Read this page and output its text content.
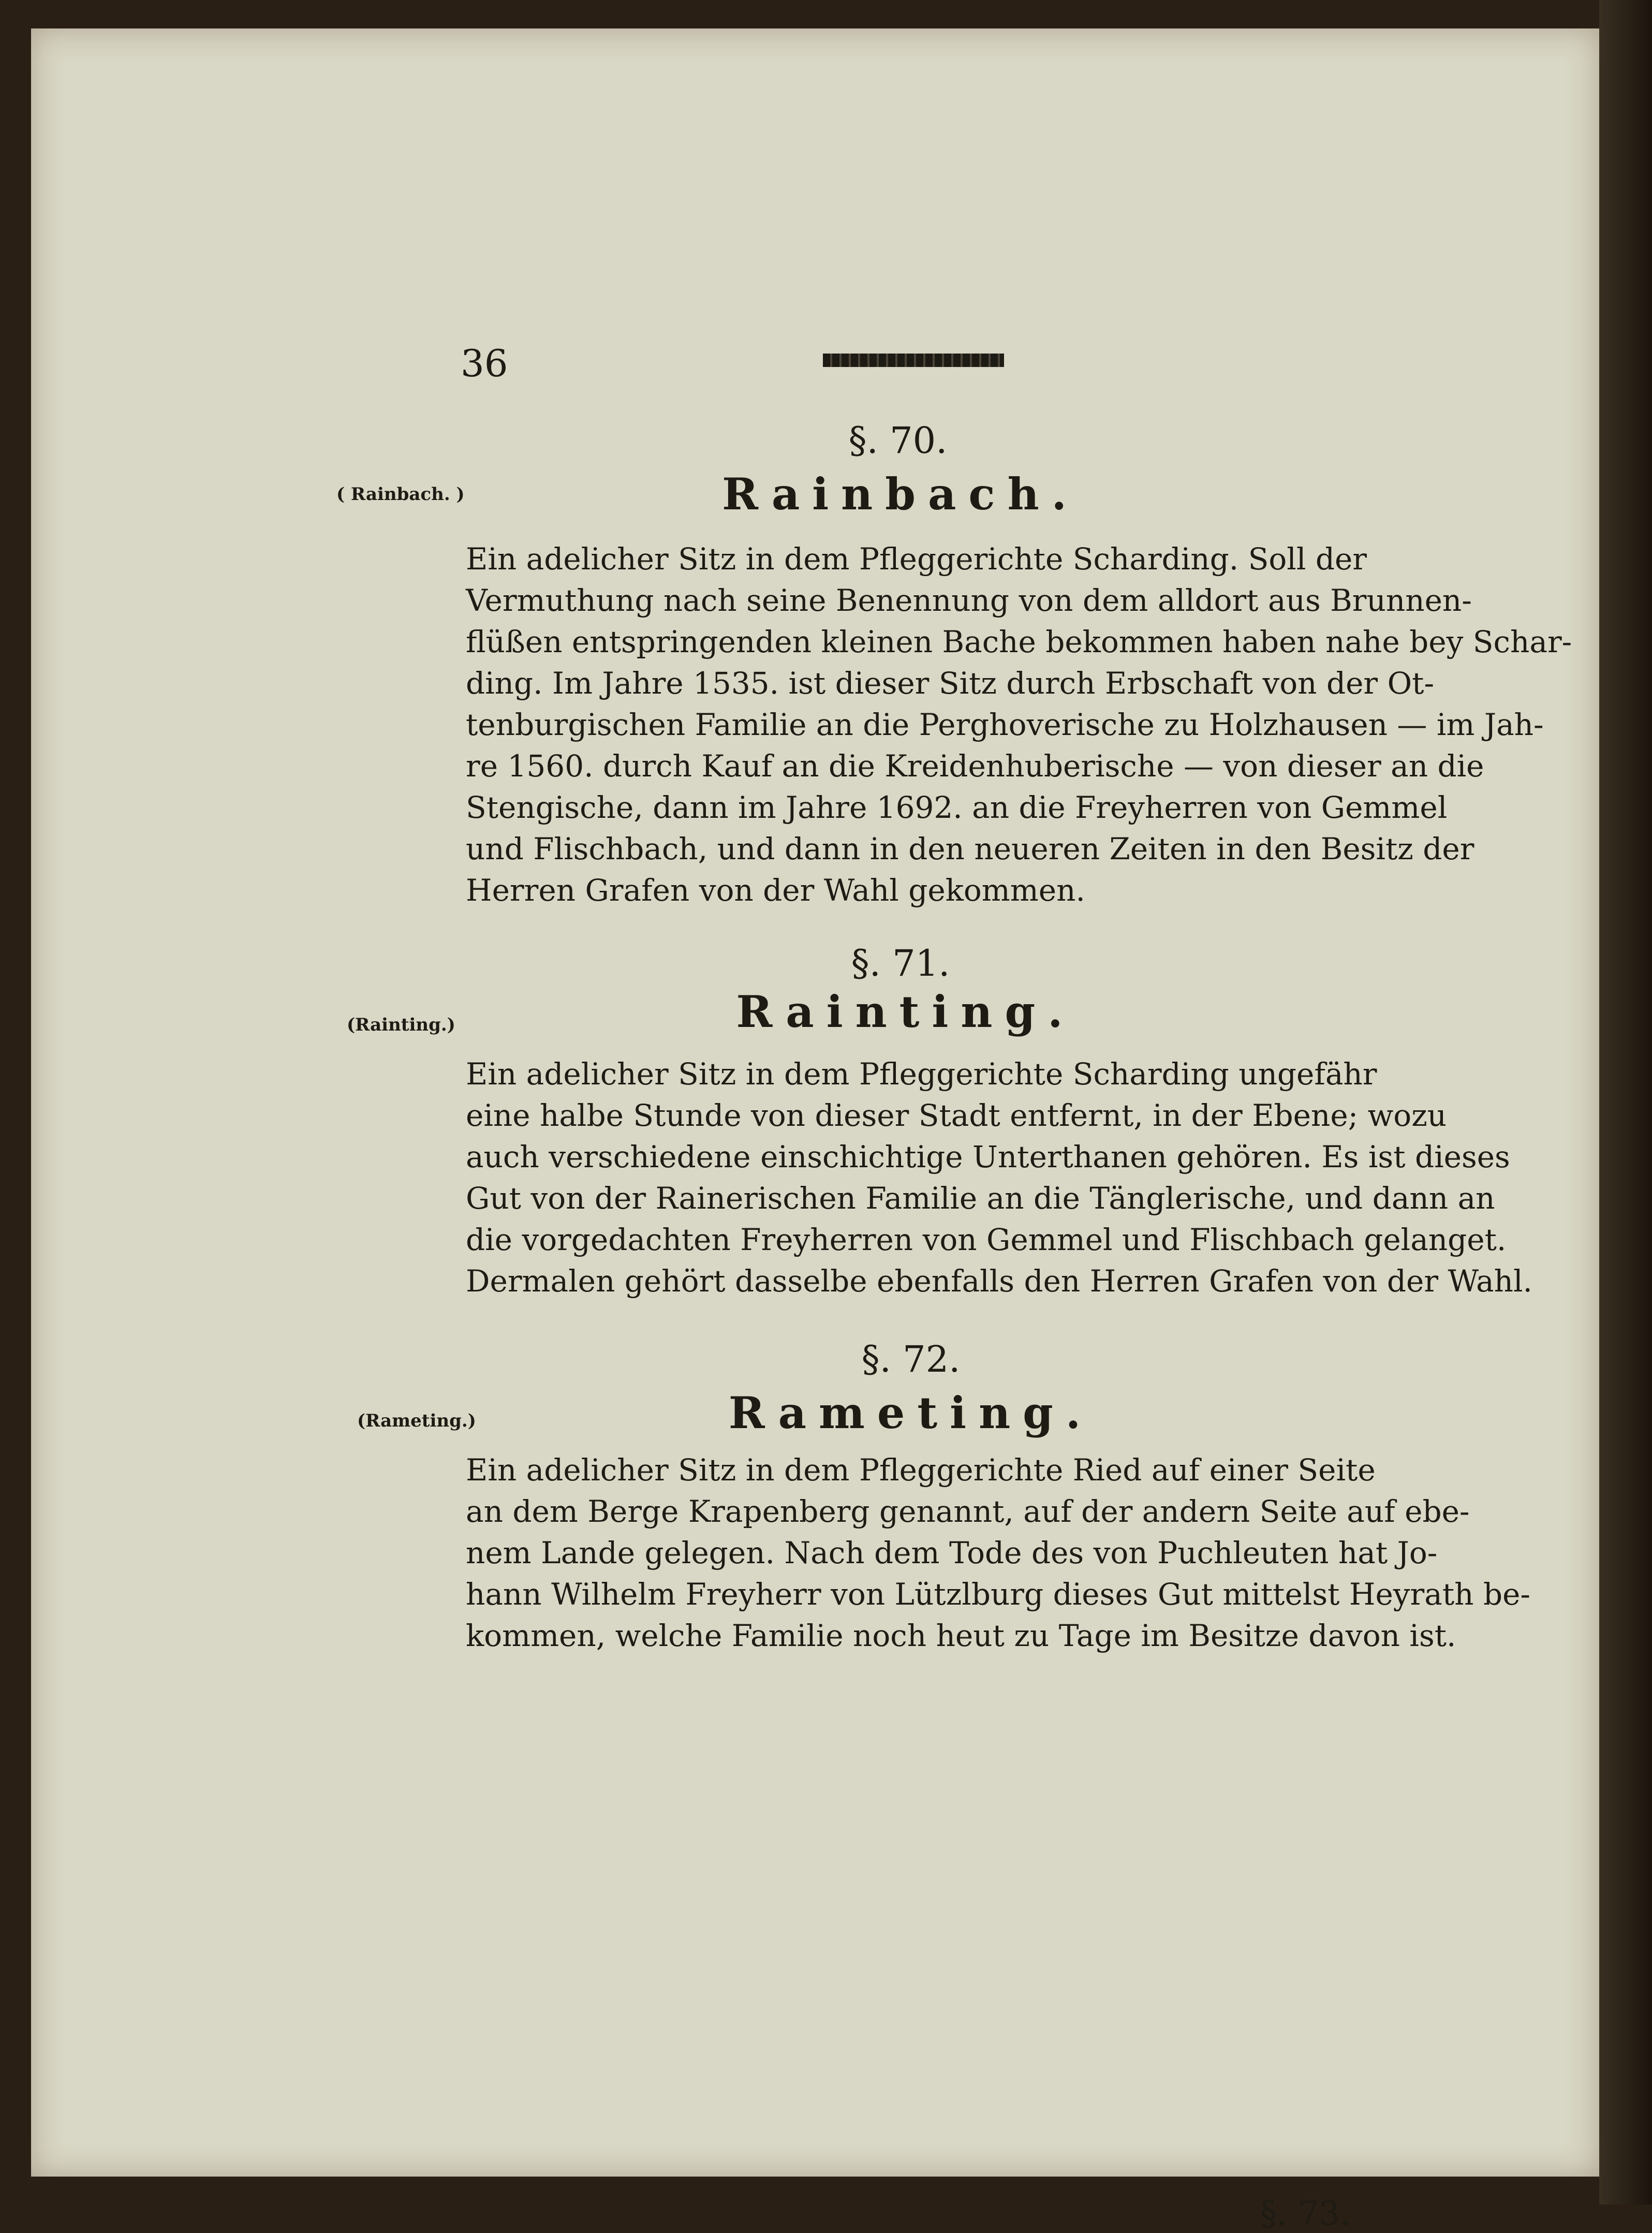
36
( Rainbach. )
§. 70.
Rainbach.
Ein adelicher Sitz in dem Pfleggerichte Scharding. Soll der
Vermuthung nach seine Benennung von dem alldort aus Brunnen-
flüßen entspringenden kleinen Bache bekommen haben nahe bey Schar-
ding. Im Jahre 1535. ist dieser Sitz durch Erbschaft von der Ot-
tenburgischen Familie an die Perghoverische zu Holzhausen — im Jah-
re 1560. durch Kauf an die Kreidenhuberische — von dieser an die
Stengische, dann im Jahre 1692. an die Freyherren von Gemmel
und Flischbach, und dann in den neueren Zeiten in den Besitz der
Herren Grafen von der Wahl gekommen.
(Rainting.)
§. 71.
Rainting.
Ein adelicher Sitz in dem Pfleggerichte Scharding ungefähr
eine halbe Stunde von dieser Stadt entfernt, in der Ebene; wozu
auch verschiedene einschichtige Unterthanen gehören. Es ist dieses
Gut von der Rainerischen Familie an die Tänglerische, und dann an
die vorgedachten Freyherren von Gemmel und Flischbach gelanget.
Dermalen gehört dasselbe ebenfalls den Herren Grafen von der Wahl.
(Rameting.)
§. 72.
Rameting.
Ein adelicher Sitz in dem Pfleggerichte Ried auf einer Seite
an dem Berge Krapenberg genannt, auf der andern Seite auf ebe-
nem Lande gelegen. Nach dem Tode des von Puchleuten hat Jo-
hann Wilhelm Freyherr von Lützlburg dieses Gut mittelst Heyrath be-
kommen, welche Familie noch heut zu Tage im Besitze davon ist.
§. 73.
